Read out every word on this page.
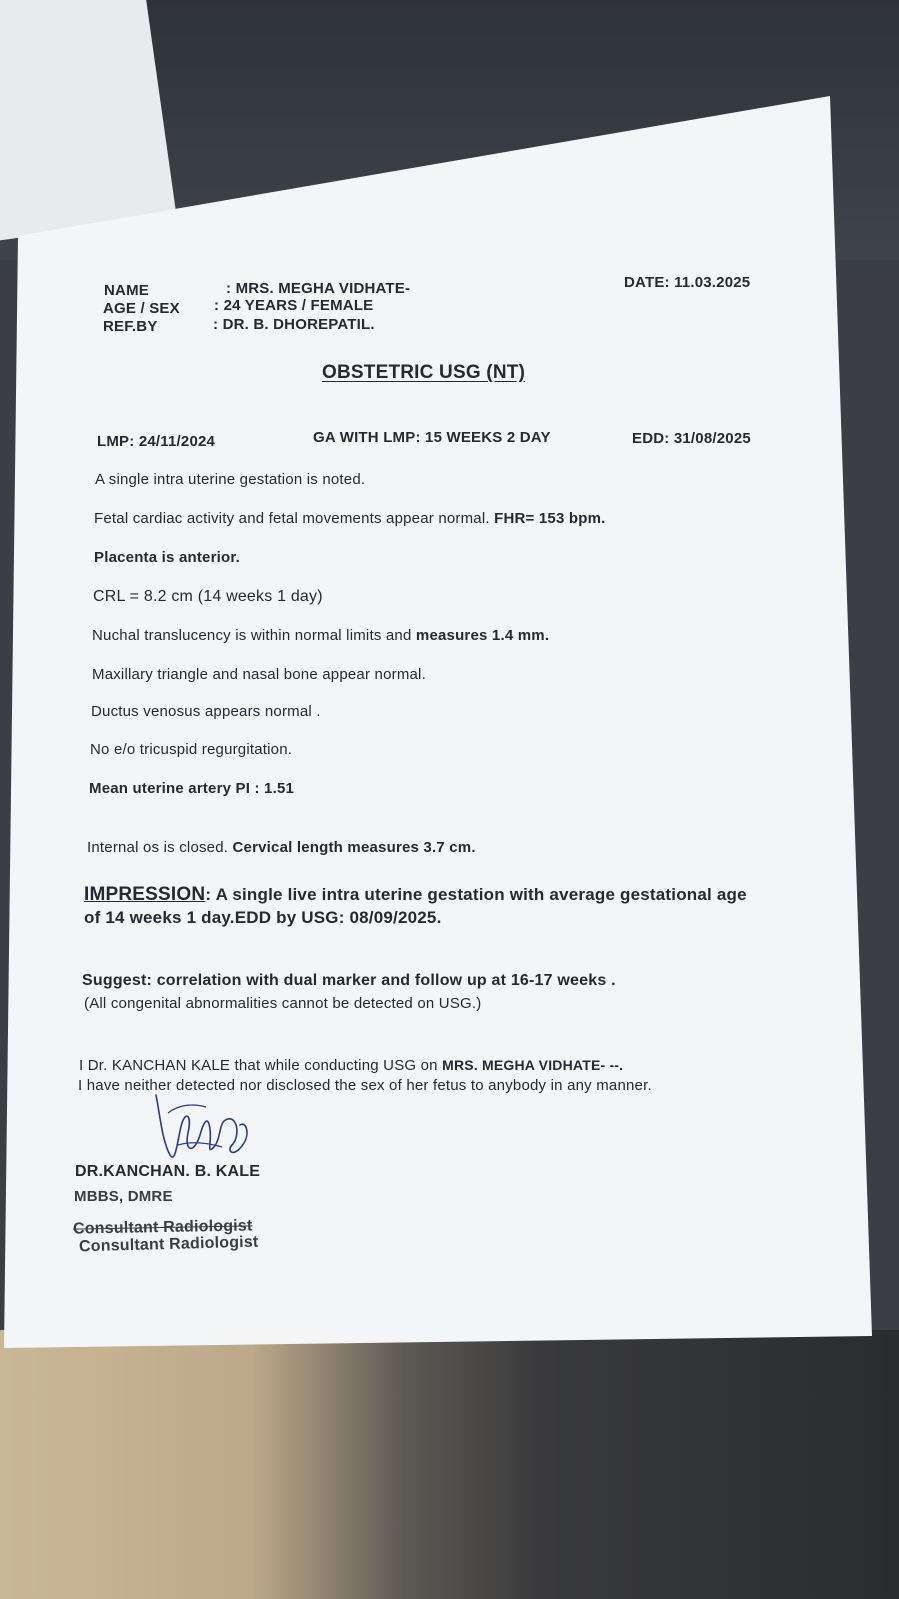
NAME	: MRS. MEGHA VIDHATE-	DATE: 11.03.2025
AGE / SEX : 24 YEARS / FEMALE
REF.BY	: DR. B. DHOREPATIL.
OBSTETRIC USG (NT)
LMP: 24/11/2024	GA WITH LMP: 15 WEEKS 2 DAY	EDD: 31/08/2025
A single intra uterine gestation is noted.
Fetal cardiac activity and fetal movements appear normal. FHR= 153 bpm.
Placenta is anterior.
CRL = 8.2 cm (14 weeks 1 day)
Nuchal translucency is within normal limits and measures 1.4 mm.
Maxillary triangle and nasal bone appear normal.
Ductus venosus appears normal .
No e/o tricuspid regurgitation.
Mean uterine artery PI : 1.51
Internal os is closed. Cervical length measures 3.7 cm.
IMPRESSION: A single live intra uterine gestation with average gestational age
of 14 weeks 1 day.EDD by USG: 08/09/2025.
Suggest: correlation with dual marker and follow up at 16-17 weeks .
(All congenital abnormalities cannot be detected on USG.)
I Dr. KANCHAN KALE that while conducting USG on MRS. MEGHA VIDHATE- --.
I have neither detected nor disclosed the sex of her fetus to anybody in any manner.
DR.KANCHAN. B. KALE
MBBS, DMRE
Consultant Radiologist
Consultant Radiologist
